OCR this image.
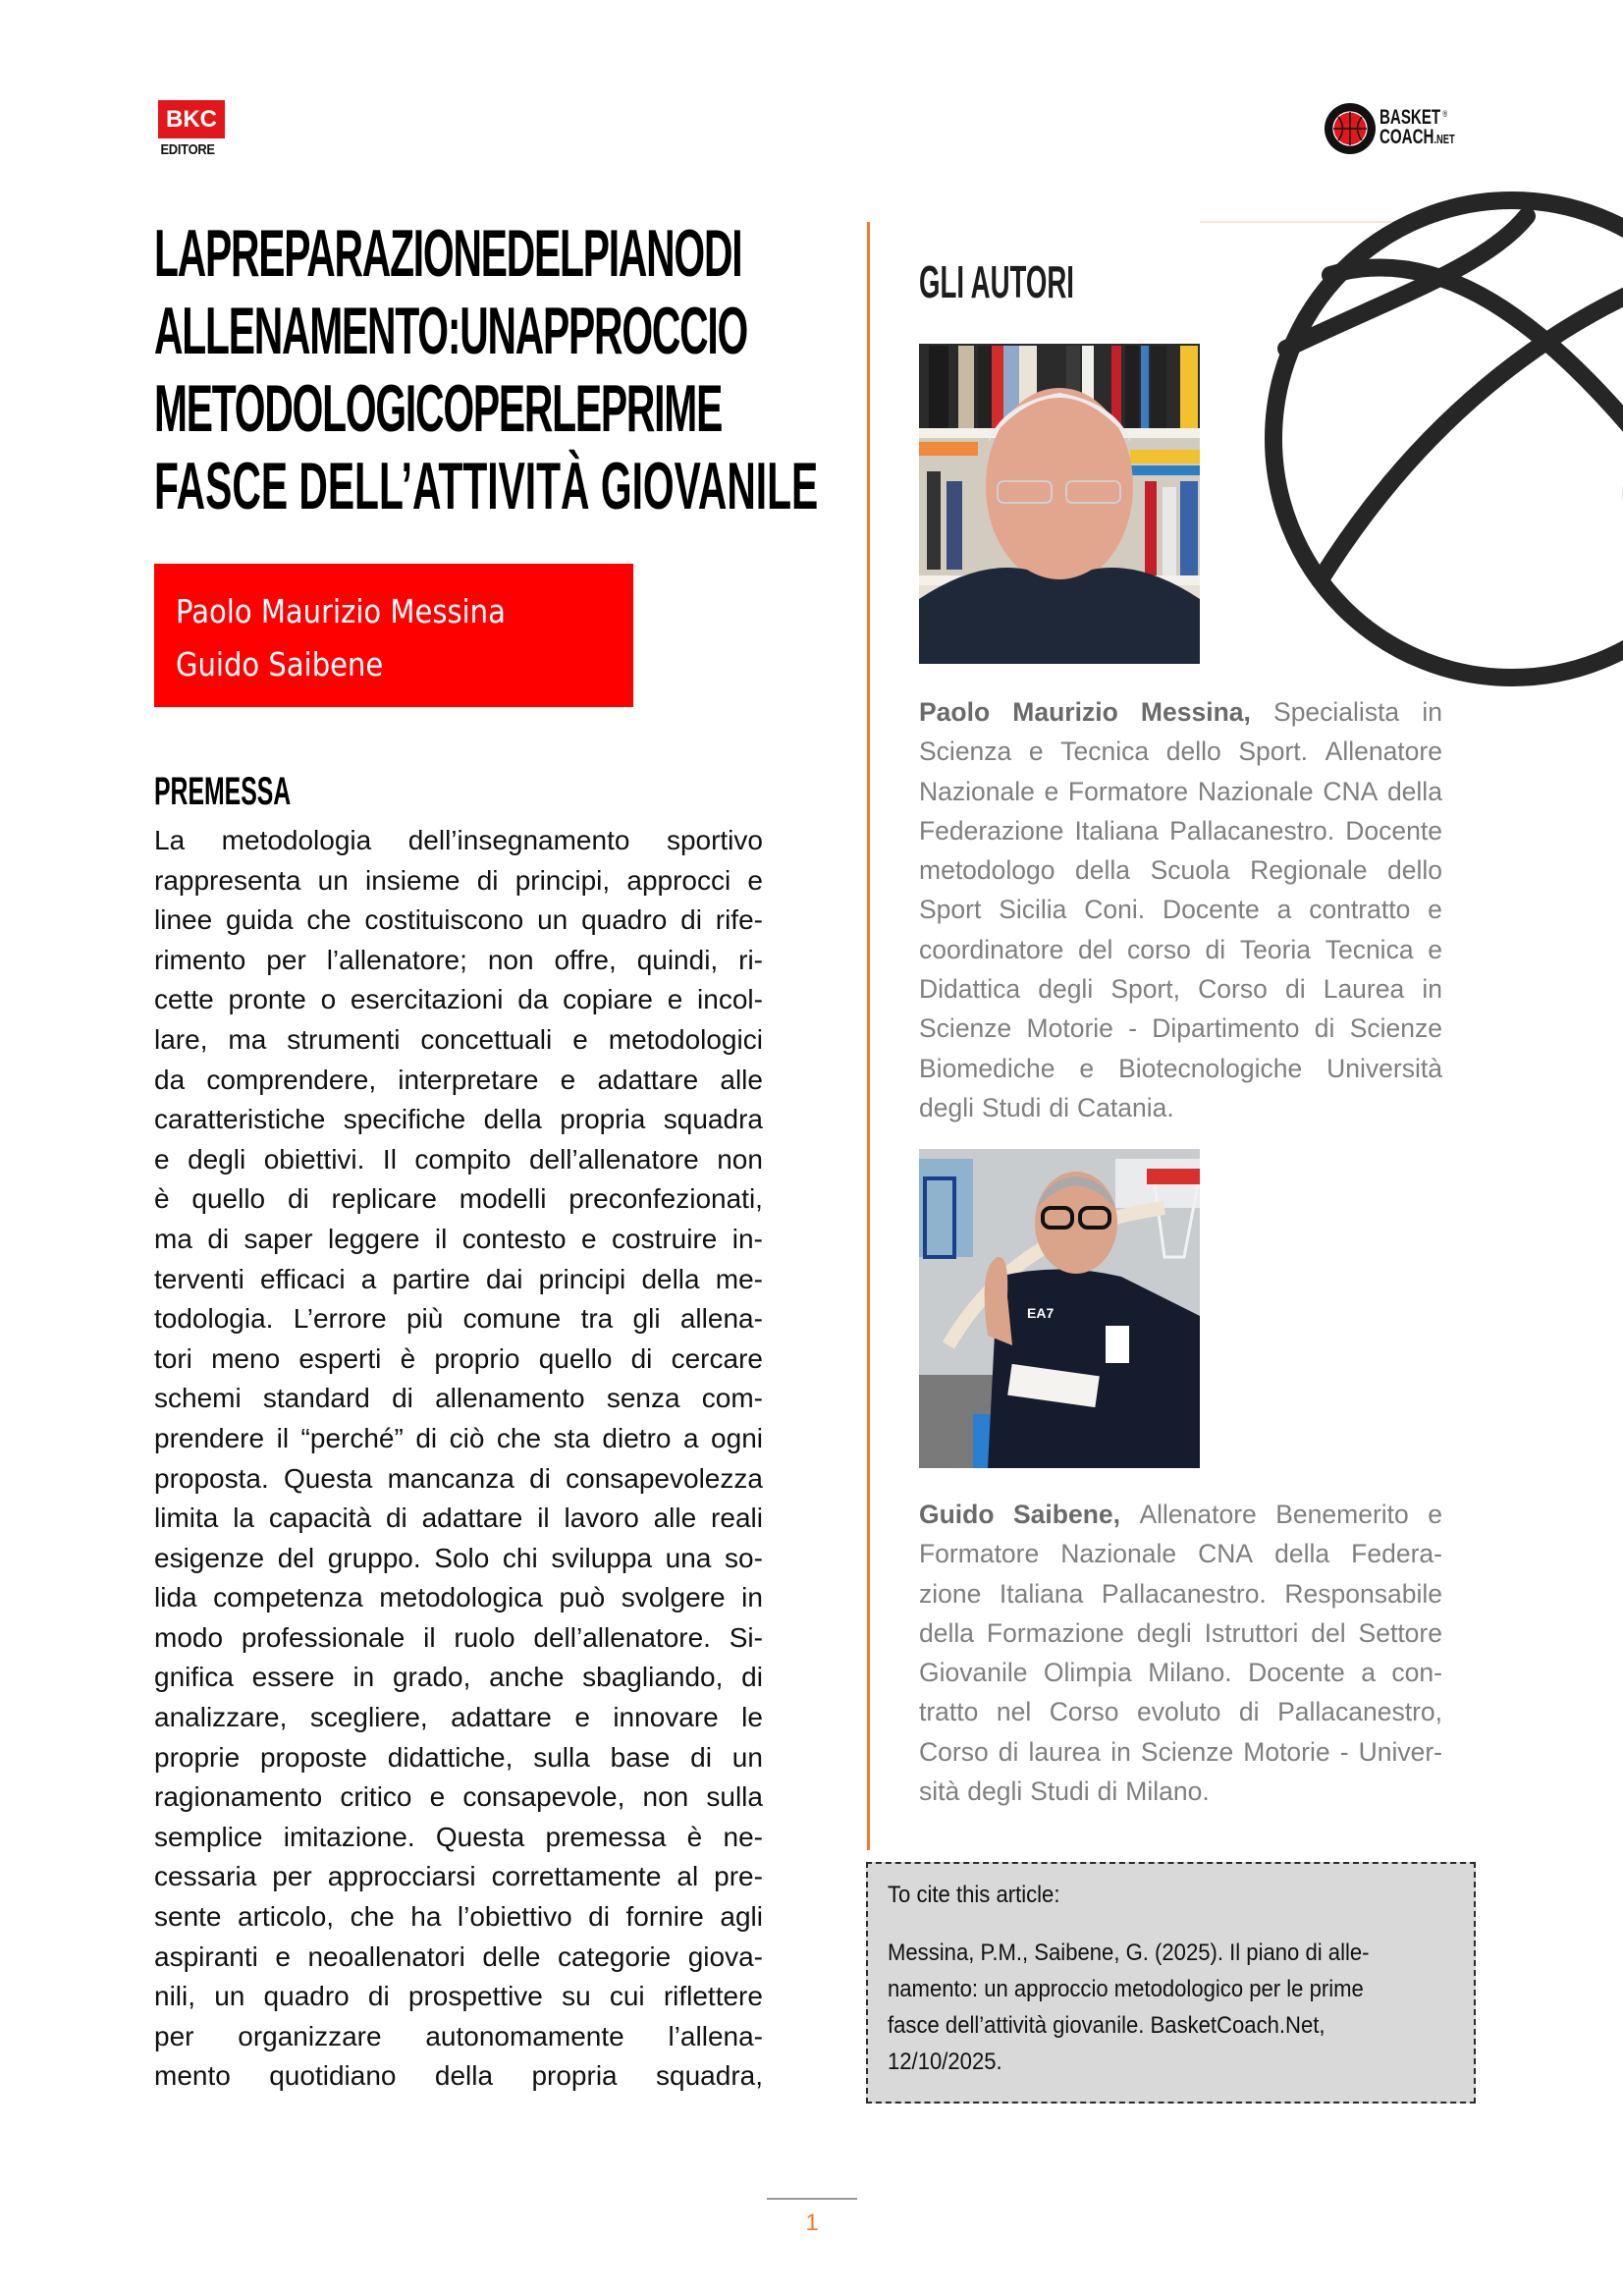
BKC
EDITORE
BASKET ®
COACH.NET
LAPREPARAZIONEDELPIANODI
ALLENAMENTO:UNAPPROCCIO
METODOLOGICOPERLEPRIME
FASCE DELL’ATTIVITÀ GIOVANILE
Paolo Maurizio Messina
Guido Saibene
PREMESSA
La metodologia dell’insegnamento sportivo
rappresenta un insieme di principi, approcci e
linee guida che costituiscono un quadro di rife-
rimento per l’allenatore; non offre, quindi, ri-
cette pronte o esercitazioni da copiare e incol-
lare, ma strumenti concettuali e metodologici
da comprendere, interpretare e adattare alle
caratteristiche specifiche della propria squadra
e degli obiettivi. Il compito dell’allenatore non
è quello di replicare modelli preconfezionati,
ma di saper leggere il contesto e costruire in-
terventi efficaci a partire dai principi della me-
todologia. L’errore più comune tra gli allena-
tori meno esperti è proprio quello di cercare
schemi standard di allenamento senza com-
prendere il “perché” di ciò che sta dietro a ogni
proposta. Questa mancanza di consapevolezza
limita la capacità di adattare il lavoro alle reali
esigenze del gruppo. Solo chi sviluppa una so-
lida competenza metodologica può svolgere in
modo professionale il ruolo dell’allenatore. Si-
gnifica essere in grado, anche sbagliando, di
analizzare, scegliere, adattare e innovare le
proprie proposte didattiche, sulla base di un
ragionamento critico e consapevole, non sulla
semplice imitazione. Questa premessa è ne-
cessaria per approcciarsi correttamente al pre-
sente articolo, che ha l’obiettivo di fornire agli
aspiranti e neoallenatori delle categorie giova-
nili, un quadro di prospettive su cui riflettere
per organizzare autonomamente l’allena-
mento quotidiano della propria squadra,
GLI AUTORI
Paolo Maurizio Messina, Specialista in
Scienza e Tecnica dello Sport. Allenatore
Nazionale e Formatore Nazionale CNA della
Federazione Italiana Pallacanestro. Docente
metodologo della Scuola Regionale dello
Sport Sicilia Coni. Docente a contratto e
coordinatore del corso di Teoria Tecnica e
Didattica degli Sport, Corso di Laurea in
Scienze Motorie - Dipartimento di Scienze
Biomediche e Biotecnologiche Università
degli Studi di Catania.
EA7
Guido Saibene, Allenatore Benemerito e
Formatore Nazionale CNA della Federa-
zione Italiana Pallacanestro. Responsabile
della Formazione degli Istruttori del Settore
Giovanile Olimpia Milano. Docente a con-
tratto nel Corso evoluto di Pallacanestro,
Corso di laurea in Scienze Motorie - Univer-
sità degli Studi di Milano.
To cite this article:
Messina, P.M., Saibene, G. (2025). Il piano di alle-
namento: un approccio metodologico per le prime
fasce dell’attività giovanile. BasketCoach.Net,
12/10/2025.
1
